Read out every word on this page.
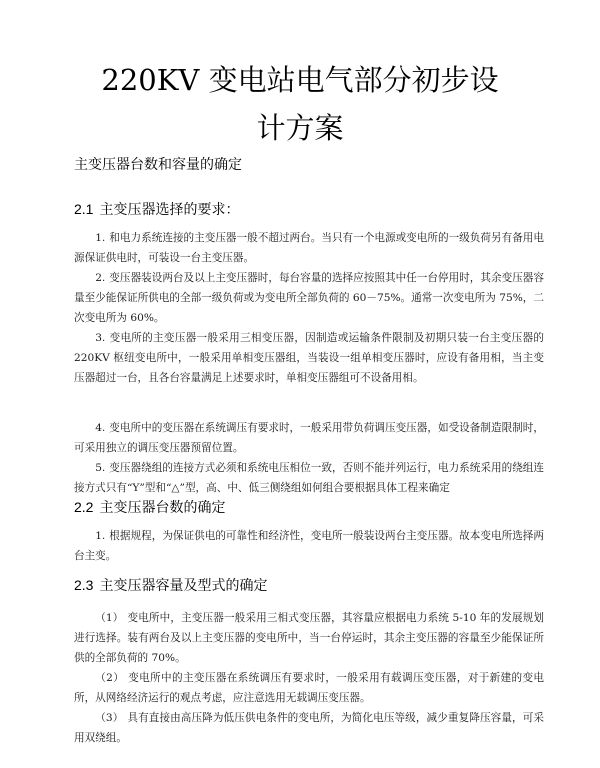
220KV 变电站电气部分初步设
计方案
主变压器台数和容量的确定
2.1 主变压器选择的要求：
1. 和电力系统连接的主变压器一般不超过两台。当只有一个电源或变电所的一级负荷另有备用电源保证供电时，可装设一台主变压器。
2. 变压器装设两台及以上主变压器时，每台容量的选择应按照其中任一台停用时，其余变压器容量至少能保证所供电的全部一级负荷或为变电所全部负荷的 60－75%。通常一次变电所为 75%，二次变电所为 60%。
3. 变电所的主变压器一般采用三相变压器，因制造或运输条件限制及初期只装一台主变压器的 220KV 枢纽变电所中，一般采用单相变压器组，当装设一组单相变压器时，应设有备用相，当主变压器超过一台，且各台容量满足上述要求时，单相变压器组可不设备用相。
4. 变电所中的变压器在系统调压有要求时，一般采用带负荷调压变压器，如受设备制造限制时，可采用独立的调压变压器预留位置。
5. 变压器绕组的连接方式必须和系统电压相位一致，否则不能并列运行，电力系统采用的绕组连接方式只有“Y”型和“△”型，高、中、低三侧绕组如何组合要根据具体工程来确定
2.2 主变压器台数的确定
1. 根据规程，为保证供电的可靠性和经济性，变电所一般装设两台主变压器。故本变电所选择两台主变。
2.3 主变压器容量及型式的确定
（1） 变电所中，主变压器一般采用三相式变压器，其容量应根据电力系统 5-10 年的发展规划进行选择。装有两台及以上主变压器的变电所中，当一台停运时，其余主变压器的容量至少能保证所供的全部负荷的 70%。
（2） 变电所中的主变压器在系统调压有要求时，一般采用有载调压变压器，对于新建的变电所，从网络经济运行的观点考虑，应注意选用无载调压变压器。
（3） 具有直接由高压降为低压供电条件的变电所，为简化电压等级，减少重复降压容量，可采用双绕组。
